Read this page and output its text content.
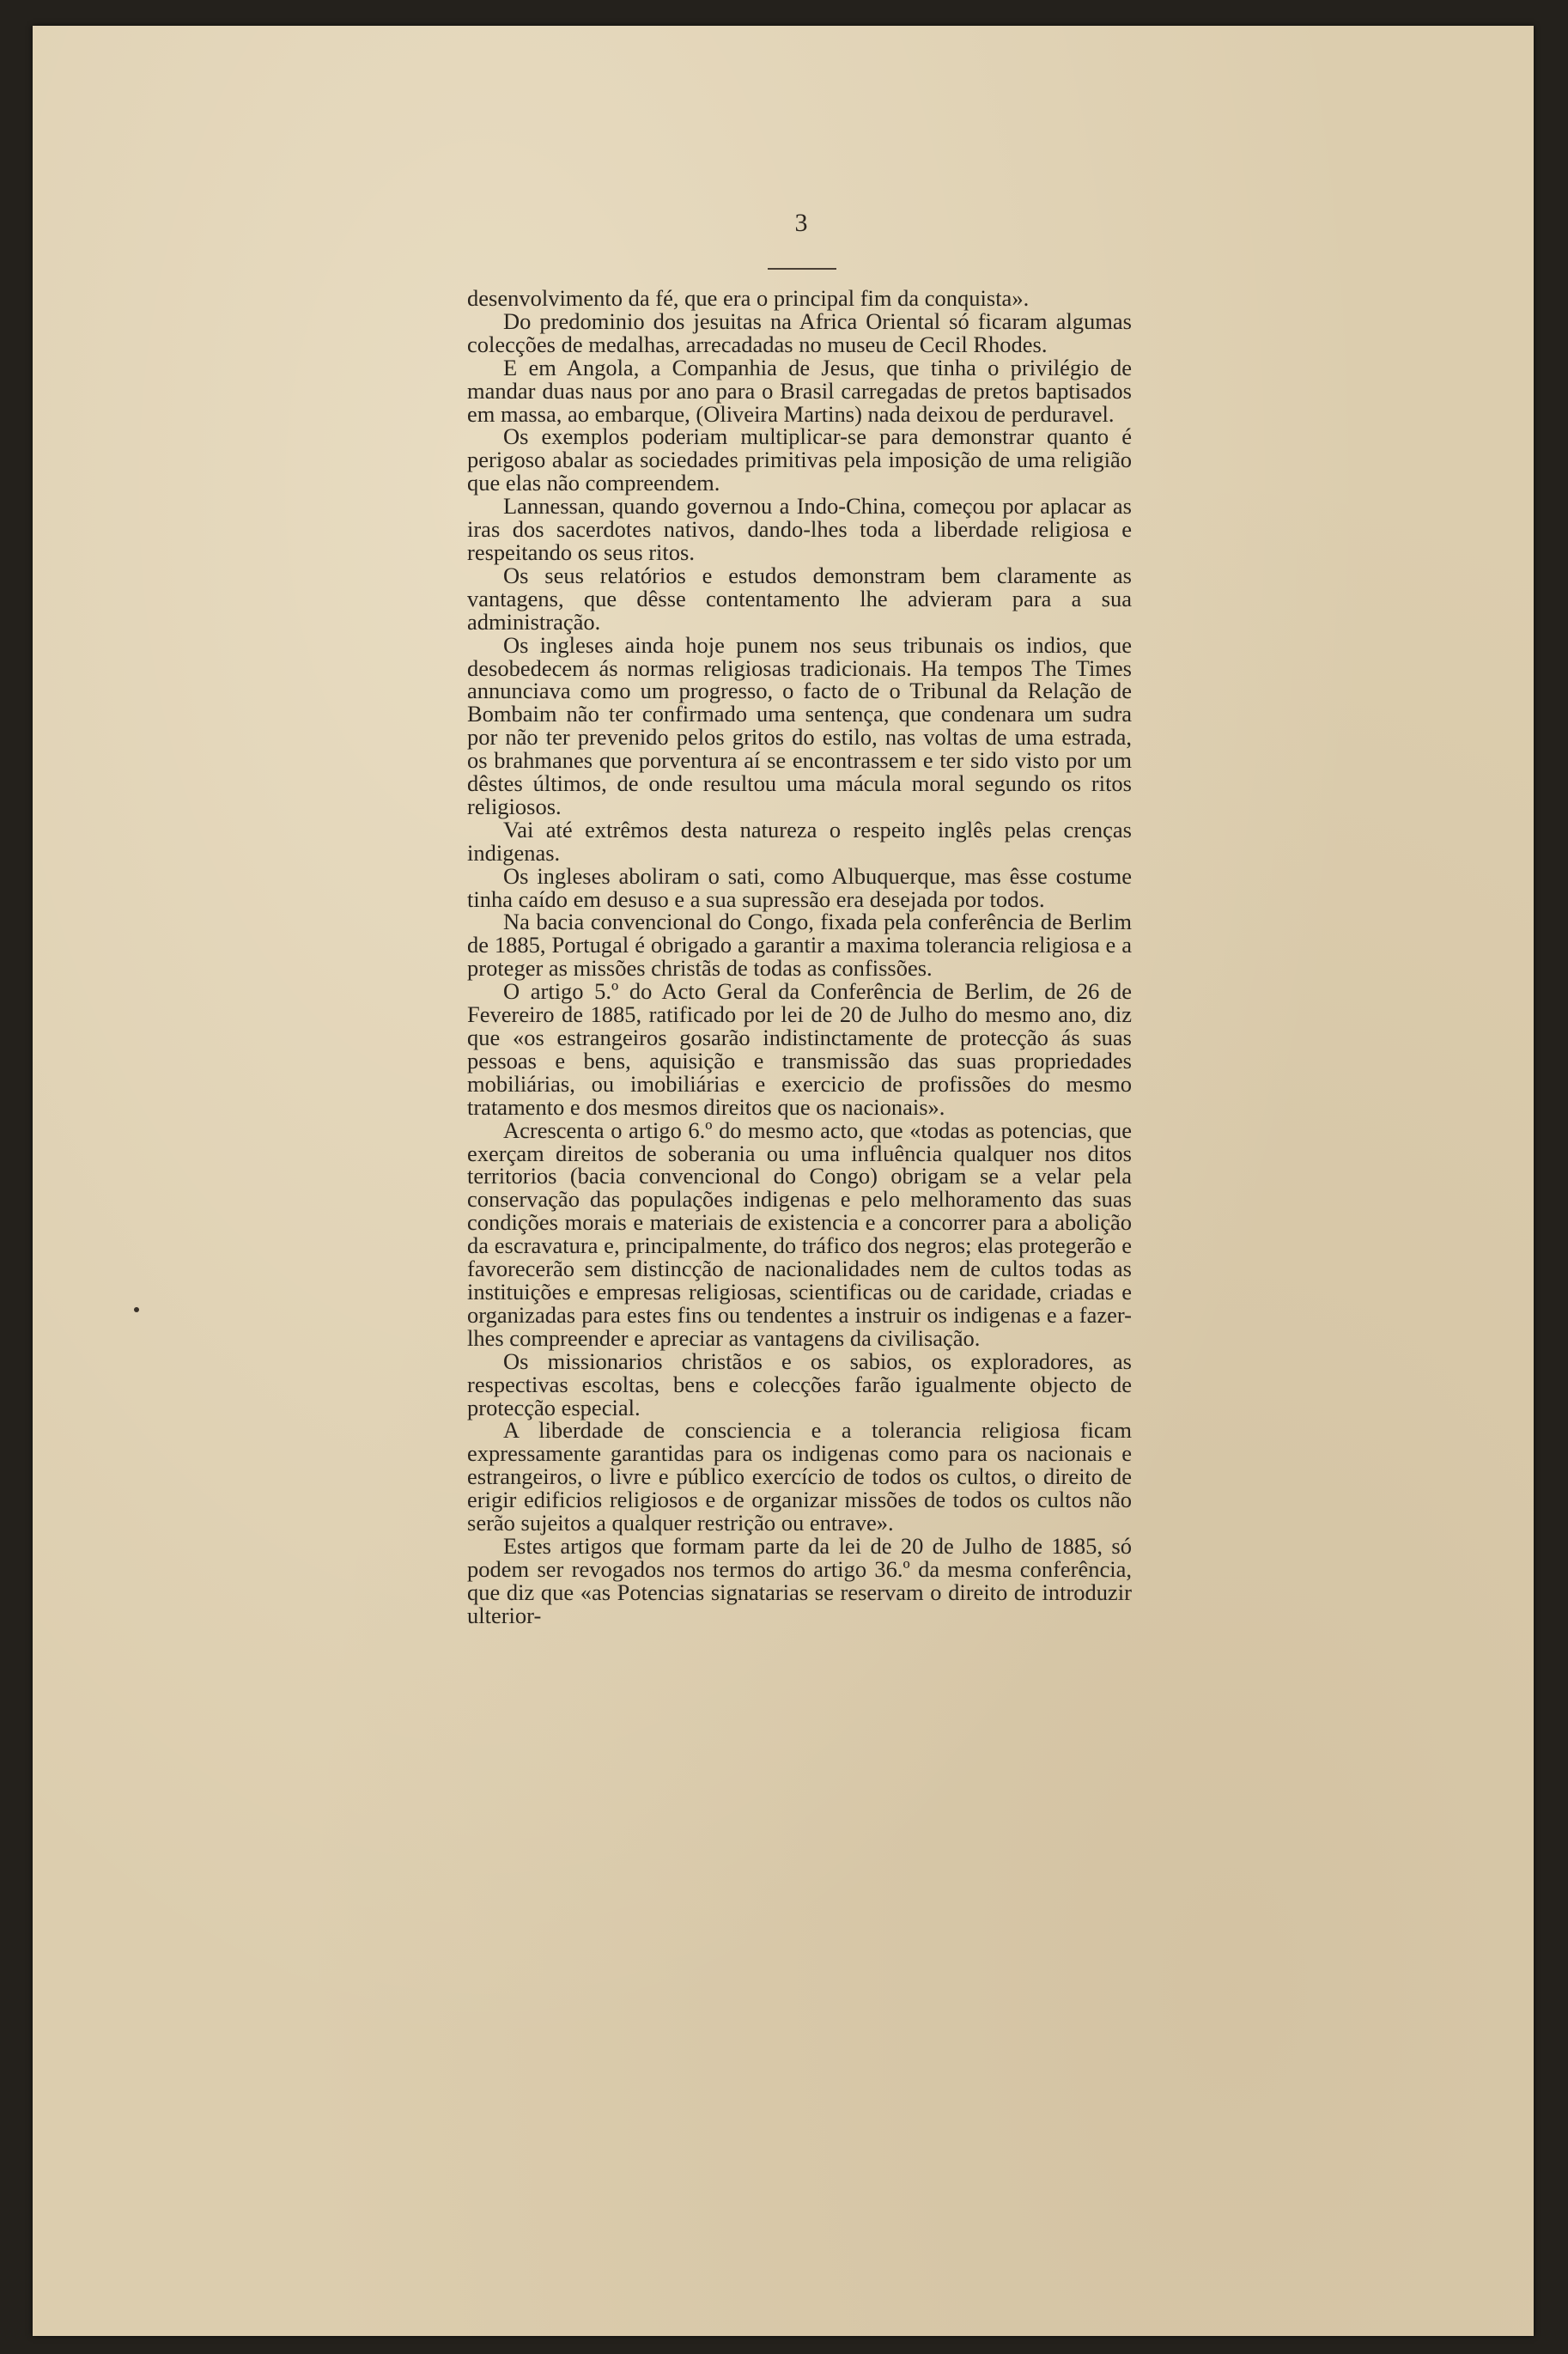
3

desenvolvimento da fé, que era o principal fim da conquista».

Do predominio dos jesuitas na Africa Oriental só ficaram algumas colecções de medalhas, arrecadadas no museu de Cecil Rhodes.

E em Angola, a Companhia de Jesus, que tinha o privilégio de mandar duas naus por ano para o Brasil carregadas de pretos baptisados em massa, ao embarque, (Oliveira Martins) nada deixou de perduravel.

Os exemplos poderiam multiplicar-se para demonstrar quanto é perigoso abalar as sociedades primitivas pela imposição de uma religião que elas não compreendem.

Lannessan, quando governou a Indo-China, começou por aplacar as iras dos sacerdotes nativos, dando-lhes toda a liberdade religiosa e respeitando os seus ritos.

Os seus relatórios e estudos demonstram bem claramente as vantagens, que dêsse contentamento lhe advieram para a sua administração.

Os ingleses ainda hoje punem nos seus tribunais os indios, que desobedecem ás normas religiosas tradicionais. Ha tempos The Times annunciava como um progresso, o facto de o Tribunal da Relação de Bombaim não ter confirmado uma sentença, que condenara um sudra por não ter prevenido pelos gritos do estilo, nas voltas de uma estrada, os brahmanes que porventura aí se encontrassem e ter sido visto por um dêstes últimos, de onde resultou uma mácula moral segundo os ritos religiosos.

Vai até extrêmos desta natureza o respeito inglês pelas crenças indigenas.

Os ingleses aboliram o sati, como Albuquerque, mas êsse costume tinha caído em desuso e a sua supressão era desejada por todos.

Na bacia convencional do Congo, fixada pela conferência de Berlim de 1885, Portugal é obrigado a garantir a maxima tolerancia religiosa e a proteger as missões christãs de todas as confissões.

O artigo 5.º do Acto Geral da Conferência de Berlim, de 26 de Fevereiro de 1885, ratificado por lei de 20 de Julho do mesmo ano, diz que «os estrangeiros gosarão indistinctamente de protecção ás suas pessoas e bens, aquisição e transmissão das suas propriedades mobiliárias, ou imobiliárias e exercicio de profissões do mesmo tratamento e dos mesmos direitos que os nacionais».

Acrescenta o artigo 6.º do mesmo acto, que «todas as potencias, que exerçam direitos de soberania ou uma influência qualquer nos ditos territorios (bacia convencional do Congo) obrigam se a velar pela conservação das populações indigenas e pelo melhoramento das suas condições morais e materiais de existencia e a concorrer para a abolição da escravatura e, principalmente, do tráfico dos negros; elas protegerão e favorecerão sem distincção de nacionalidades nem de cultos todas as instituições e empresas religiosas, scientificas ou de caridade, criadas e organizadas para estes fins ou tendentes a instruir os indigenas e a fazer-lhes compreender e apreciar as vantagens da civilisação.

Os missionarios christãos e os sabios, os exploradores, as respectivas escoltas, bens e colecções farão igualmente objecto de protecção especial.

A liberdade de consciencia e a tolerancia religiosa ficam expressamente garantidas para os indigenas como para os nacionais e estrangeiros, o livre e público exercício de todos os cultos, o direito de erigir edificios religiosos e de organizar missões de todos os cultos não serão sujeitos a qualquer restrição ou entrave».

Estes artigos que formam parte da lei de 20 de Julho de 1885, só podem ser revogados nos termos do artigo 36.º da mesma conferência, que diz que «as Potencias signatarias se reservam o direito de introduzir ulterior-
